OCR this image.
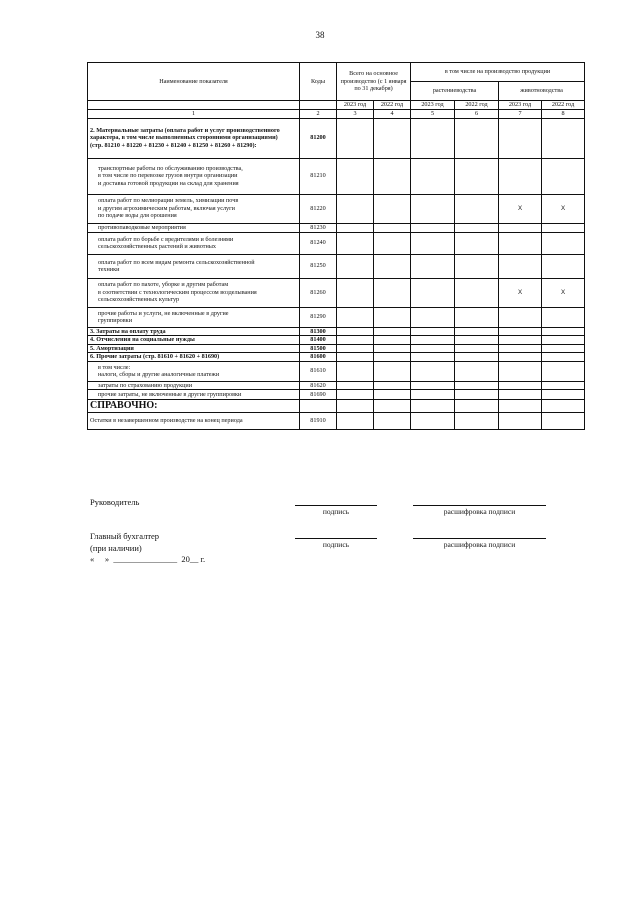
38
Наименование показателя	Коды	Всего на основное производство (с 1 января по 31 декабря)		в том числе на производство продукции			
				растениеводства		животноводства	
		2023 год	2022 год	2023 год	2022 год	2023 год	2022 год
1	2	3	4	5	6	7	8
2. Материальные затраты (оплата работ и услуг производственного характера, в том числе выполненных сторонними организациями)
(стр. 81210 + 81220 + 81230 + 81240 + 81250 + 81260 + 81290):	81200						
транспортные работы по обслуживанию производства,
в том числе по перевозке грузов внутри организации
и доставка готовой продукции на склад для хранения	81210						
оплата работ по мелиорации земель, химизации почв
и другим агрохимическим работам, включая услуги
по подаче воды для орошения	81220					X	X
противопаводковые мероприятия	81230						
оплата работ по борьбе с вредителями и болезнями
сельскохозяйственных растений и животных	81240						
оплата работ по всем видам ремонта сельскохозяйственной
техники	81250						
оплата работ по пахоте, уборке и другим работам
в соответствии с технологическим процессом возделывания
сельскохозяйственных культур	81260					X	X
прочие работы и услуги, не включенные в другие
группировки	81290						
3. Затраты на оплату труда	81300						
4. Отчисления на социальные нужды	81400						
5. Амортизация	81500						
6. Прочие затраты (стр. 81610 + 81620 + 81690)	81600						
в том числе:
налоги, сборы и другие аналогичные платежи	81610						
затраты по страхованию продукции	81620						
прочие затраты, не включенные в другие группировки	81690						
СПРАВОЧНО:							
Остатки в незавершенном производстве на конец периода	81910						
Руководитель
подпись	расшифровка подписи
Главный бухгалтер
(при наличии)	подпись	расшифровка подписи
«     »  _______________  20__ г.
